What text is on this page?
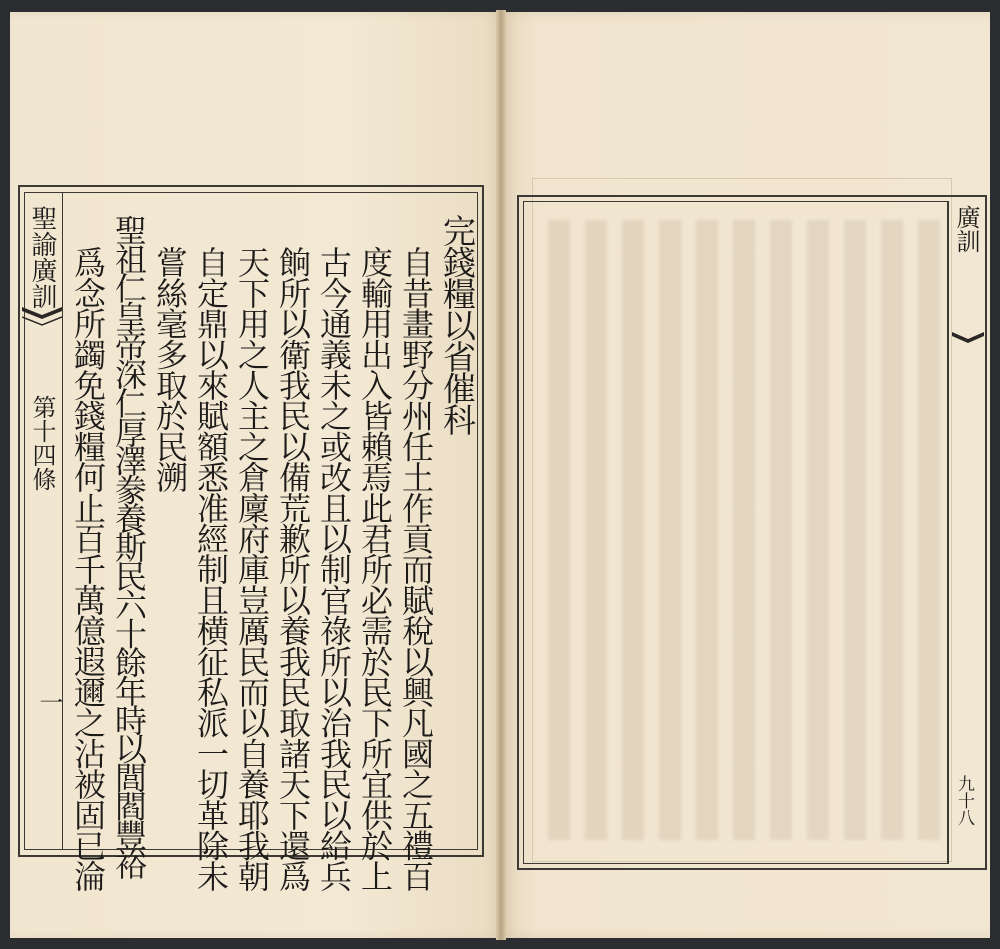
聖諭廣訓
第十四條
一
完錢糧以省催科
自昔畫野分州任土作貢而賦稅以興凡國之五禮百
度輸用出入皆賴焉此君所必需於民下所宜供於上
古今通義未之或改且以制官祿所以治我民以給兵
餉所以衛我民以備荒歉所以養我民取諸天下還爲
天下用之人主之倉廩府庫豈厲民而以自養耶我朝
自定鼎以來賦額悉准經制且横征私派一切革除未
嘗絲毫多取於民溯
聖祖仁皇帝深仁厚澤豢養斯民六十餘年時以閭閻豐裕
爲念所蠲免錢糧何止百千萬億遐邇之沾被固已淪
廣訓
九十八
